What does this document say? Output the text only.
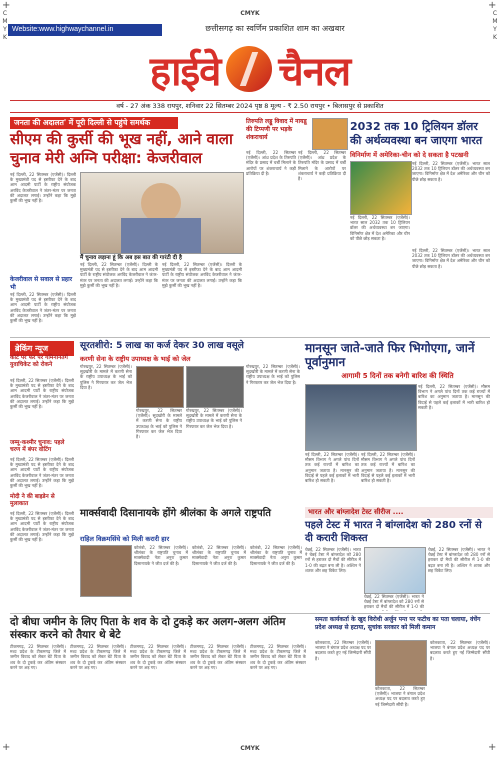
C
M
Y
K
C
M
Y
K
CMYK
CMYK
+	+
+	+
Website:www.highwaychannel.in	छत्तीसगढ़ का स्वर्णिम प्रकाशित शाम का अखबार
हाईवे चैनल
वर्ष - 27 अंक 338 रायपुर, शनिवार 22 सितम्बर 2024 पृष्ठ 8 मूल्य - ₹ 2.50 रायपुर • बिलासपुर से प्रकाशित
जनता की अदालत' में पूरी दिल्ली से पहुंचे समर्थक
सीएम की कुर्सी की भूख नहीं, आने वाला चुनाव मेरी अग्नि परीक्षा: केजरीवाल
नई दिल्ली, 22 सितम्बर (एजेंसी)। दिल्ली के मुख्यमंत्री पद से इस्तीफा देने के बाद आम आदमी पार्टी के राष्ट्रीय संयोजक अरविंद केजरीवाल ने जंतर-मंतर पर जनता की अदालत लगाई। उन्होंने कहा कि मुझे कुर्सी की भूख नहीं है।
केजरीवाल से सवाल से प्रहार भी
नई दिल्ली, 22 सितम्बर (एजेंसी)। दिल्ली के मुख्यमंत्री पद से इस्तीफा देने के बाद आम आदमी पार्टी के राष्ट्रीय संयोजक अरविंद केजरीवाल ने जंतर-मंतर पर जनता की अदालत लगाई। उन्होंने कहा कि मुझे कुर्सी की भूख नहीं है।
मैं चुनाव लड़ाना हूं कि अब इस बात की गारंटी दी है
नई दिल्ली, 22 सितम्बर (एजेंसी)। दिल्ली के मुख्यमंत्री पद से इस्तीफा देने के बाद आम आदमी पार्टी के राष्ट्रीय संयोजक अरविंद केजरीवाल ने जंतर-मंतर पर जनता की अदालत लगाई। उन्होंने कहा कि मुझे कुर्सी की भूख नहीं है।
नई दिल्ली, 22 सितम्बर (एजेंसी)। दिल्ली के मुख्यमंत्री पद से इस्तीफा देने के बाद आम आदमी पार्टी के राष्ट्रीय संयोजक अरविंद केजरीवाल ने जंतर-मंतर पर जनता की अदालत लगाई। उन्होंने कहा कि मुझे कुर्सी की भूख नहीं है।
तिरुपति लड्डू विवाद में नायडू की टिप्पणी पर भड़के शंकराचार्य
नई दिल्ली, 22 सितम्बर (एजेंसी)। आंध्र प्रदेश के तिरुपति मंदिर के प्रसाद में चर्बी मिलाने के आरोपों पर शंकराचार्य ने कड़ी प्रतिक्रिया दी है।
नई दिल्ली, 22 सितम्बर (एजेंसी)। आंध्र प्रदेश के तिरुपति मंदिर के प्रसाद में चर्बी मिलाने के आरोपों पर शंकराचार्य ने कड़ी प्रतिक्रिया दी है।
2032 तक 10 ट्रिलियन डॉलर की अर्थव्यवस्था बन जाएगा भारत
विनिर्माण में अमेरिका-चीन को दे सकता है पटखनी
नई दिल्ली, 22 सितम्बर (एजेंसी)। भारत साल 2032 तक 10 ट्रिलियन डॉलर की अर्थव्यवस्था बन जाएगा। विनिर्माण क्षेत्र में देश अमेरिका और चीन को पीछे छोड़ सकता है।
नई दिल्ली, 22 सितम्बर (एजेंसी)। भारत साल 2032 तक 10 ट्रिलियन डॉलर की अर्थव्यवस्था बन जाएगा। विनिर्माण क्षेत्र में देश अमेरिका और चीन को पीछे छोड़ सकता है।
नई दिल्ली, 22 सितम्बर (एजेंसी)। भारत साल 2032 तक 10 ट्रिलियन डॉलर की अर्थव्यवस्था बन जाएगा। विनिर्माण क्षेत्र में देश अमेरिका और चीन को पीछे छोड़ सकता है।
ब्रेकिंग न्यूज
कोर्ट पर फर पर गमिनानतर्गे युवाचिकेट को रोकने
नई दिल्ली, 22 सितम्बर (एजेंसी)। दिल्ली के मुख्यमंत्री पद से इस्तीफा देने के बाद आम आदमी पार्टी के राष्ट्रीय संयोजक अरविंद केजरीवाल ने जंतर-मंतर पर जनता की अदालत लगाई। उन्होंने कहा कि मुझे कुर्सी की भूख नहीं है।
जम्मू-कश्मीर चुनाव: पहले चरण में बंपर वोटिंग
नई दिल्ली, 22 सितम्बर (एजेंसी)। दिल्ली के मुख्यमंत्री पद से इस्तीफा देने के बाद आम आदमी पार्टी के राष्ट्रीय संयोजक अरविंद केजरीवाल ने जंतर-मंतर पर जनता की अदालत लगाई। उन्होंने कहा कि मुझे कुर्सी की भूख नहीं है।
मोदी ने की बाइडेन से मुलाकात
नई दिल्ली, 22 सितम्बर (एजेंसी)। दिल्ली के मुख्यमंत्री पद से इस्तीफा देने के बाद आम आदमी पार्टी के राष्ट्रीय संयोजक अरविंद केजरीवाल ने जंतर-मंतर पर जनता की अदालत लगाई। उन्होंने कहा कि मुझे कुर्सी की भूख नहीं है।
सूरतशीरो: 5 लाख का कर्ज देकर 30 लाख वसूले
करणी सेना के राष्ट्रीय उपाध्यक्ष के भाई को जेल
गोरखपुर, 22 सितम्बर (एजेंसी)। सूदखोरी के मामले में करणी सेना के राष्ट्रीय उपाध्यक्ष के भाई को पुलिस ने गिरफ्तार कर जेल भेज दिया है।
गोरखपुर, 22 सितम्बर (एजेंसी)। सूदखोरी के मामले में करणी सेना के राष्ट्रीय उपाध्यक्ष के भाई को पुलिस ने गिरफ्तार कर जेल भेज दिया है।
गोरखपुर, 22 सितम्बर (एजेंसी)। सूदखोरी के मामले में करणी सेना के राष्ट्रीय उपाध्यक्ष के भाई को पुलिस ने गिरफ्तार कर जेल भेज दिया है।
गोरखपुर, 22 सितम्बर (एजेंसी)। सूदखोरी के मामले में करणी सेना के राष्ट्रीय उपाध्यक्ष के भाई को पुलिस ने गिरफ्तार कर जेल भेज दिया है।
मानसून जाते-जाते फिर भिगोएगा, जानें पूर्वानुमान
आगामी 5 दिनों तक बनेगी बारिश की स्थिति
नई दिल्ली, 22 सितम्बर (एजेंसी)। मौसम विभाग ने अगले पांच दिनों तक कई राज्यों में बारिश का अनुमान जताया है। मानसून की विदाई से पहले कई इलाकों में भारी बारिश हो सकती है।
नई दिल्ली, 22 सितम्बर (एजेंसी)। मौसम विभाग ने अगले पांच दिनों तक कई राज्यों में बारिश का अनुमान जताया है। मानसून की विदाई से पहले कई इलाकों में भारी बारिश हो सकती है।
नई दिल्ली, 22 सितम्बर (एजेंसी)। मौसम विभाग ने अगले पांच दिनों तक कई राज्यों में बारिश का अनुमान जताया है। मानसून की विदाई से पहले कई इलाकों में भारी बारिश हो सकती है।
मार्क्सवादी दिसानायके होंगे श्रीलंका के अगले राष्ट्रपति
राहिल विक्रमसिंघे को मिली करारी हार
कोलंबो, 22 सितम्बर (एजेंसी)। श्रीलंका के राष्ट्रपति चुनाव में मार्क्सवादी नेता अनुरा कुमार दिसानायके ने जीत दर्ज की है।
कोलंबो, 22 सितम्बर (एजेंसी)। श्रीलंका के राष्ट्रपति चुनाव में मार्क्सवादी नेता अनुरा कुमार दिसानायके ने जीत दर्ज की है।
कोलंबो, 22 सितम्बर (एजेंसी)। श्रीलंका के राष्ट्रपति चुनाव में मार्क्सवादी नेता अनुरा कुमार दिसानायके ने जीत दर्ज की है।
भारत और बांग्लादेश टेस्ट सीरीज ....
पहले टेस्ट में भारत ने बांग्लादेश को 280 रनों से दी करारी शिकस्त
चेन्नई, 22 सितम्बर (एजेंसी)। भारत ने चेन्नई टेस्ट में बांग्लादेश को 280 रनों से हराकर दो मैचों की सीरीज में 1-0 की बढ़त बना ली है। अश्विन ने शतक और छह विकेट लिए।
चेन्नई, 22 सितम्बर (एजेंसी)। भारत ने चेन्नई टेस्ट में बांग्लादेश को 280 रनों से हराकर दो मैचों की सीरीज में 1-0 की
चेन्नई, 22 सितम्बर (एजेंसी)। भारत ने चेन्नई टेस्ट में बांग्लादेश को 280 रनों से हराकर दो मैचों की सीरीज में 1-0 की बढ़त बना ली है। अश्विन ने शतक और छह विकेट लिए।
दो बीघा जमीन के लिए पिता के शव के दो टुकड़े कर अलग-अलग अंतिम संस्कार करने को तैयार थे बेटे
टीकमगढ़, 22 सितम्बर (एजेंसी)। मध्य प्रदेश के टीकमगढ़ जिले में जमीन विवाद को लेकर बेटे पिता के शव के दो टुकड़े कर अंतिम संस्कार करने पर अड़ गए।
टीकमगढ़, 22 सितम्बर (एजेंसी)। मध्य प्रदेश के टीकमगढ़ जिले में जमीन विवाद को लेकर बेटे पिता के शव के दो टुकड़े कर अंतिम संस्कार करने पर अड़ गए।
टीकमगढ़, 22 सितम्बर (एजेंसी)। मध्य प्रदेश के टीकमगढ़ जिले में जमीन विवाद को लेकर बेटे पिता के शव के दो टुकड़े कर अंतिम संस्कार करने पर अड़ गए।
टीकमगढ़, 22 सितम्बर (एजेंसी)। मध्य प्रदेश के टीकमगढ़ जिले में जमीन विवाद को लेकर बेटे पिता के शव के दो टुकड़े कर अंतिम संस्कार करने पर अड़ गए।
टीकमगढ़, 22 सितम्बर (एजेंसी)। मध्य प्रदेश के टीकमगढ़ जिले में जमीन विवाद को लेकर बेटे पिता के शव के दो टुकड़े कर अंतिम संस्कार करने पर अड़ गए।
समता कार्यकर्ता के खुद विरोधी अर्जुन पन्त पर फटीच का पता चलाया, वंचेंग प्रदेश अध्यक्ष से हटाया, सुचांक सरकार को मिली कमान
कोलकाता, 22 सितम्बर (एजेंसी)। भाजपा ने बंगाल प्रदेश अध्यक्ष पद पर बदलाव करते हुए नई जिम्मेदारी सौंपी है।
कोलकाता, 22 सितम्बर (एजेंसी)। भाजपा ने बंगाल प्रदेश अध्यक्ष पद पर बदलाव करते हुए नई जिम्मेदारी सौंपी है।
कोलकाता, 22 सितम्बर (एजेंसी)। भाजपा ने बंगाल प्रदेश अध्यक्ष पद पर बदलाव करते हुए नई जिम्मेदारी सौंपी है।
